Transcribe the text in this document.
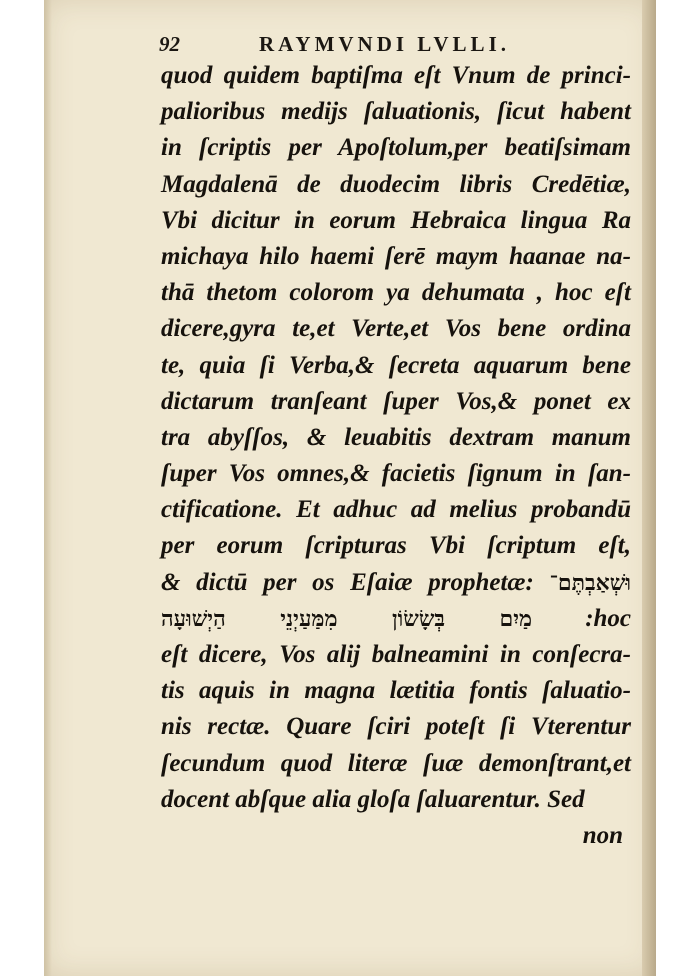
92	RAYMVNDI LVLLI.
quod quidem baptiſma eſt Vnum de princi-
palioribus medijs ſaluationis, ſicut habent
in ſcriptis per Apoſtolum,per beatiſsimam
Magdalenā de duodecim libris Credētiæ,
Vbi dicitur in eorum Hebraica lingua Ra
michaya hilo haemi ſerē maym haanae na-
thā thetom colorom ya dehumata , hoc eſt
dicere,gyra te,et Verte,et Vos bene ordina
te, quia ſi Verba,& ſecreta aquarum bene
dictarum tranſeant ſuper Vos,& ponet ex
tra abyſſos, & leuabitis dextram manum
ſuper Vos omnes,& facietis ſignum in ſan-
ctificatione. Et adhuc ad melius probandū
per eorum ſcripturas Vbi ſcriptum eſt,
& dictū per os Eſaiæ prophetæ: וּשְׁאַבְתֶּם־
מַיִם בְּשָׂשׂוֹן מִמַּעַיְנֵי הַיְשׁוּעָה :hoc
eſt dicere, Vos alij balneamini in conſecra-
tis aquis in magna lætitia fontis ſaluatio-
nis rectæ. Quare ſciri poteſt ſi Vterentur
ſecundum quod literæ ſuæ demonſtrant,et
docent abſque alia gloſa ſaluarentur. Sed
non
